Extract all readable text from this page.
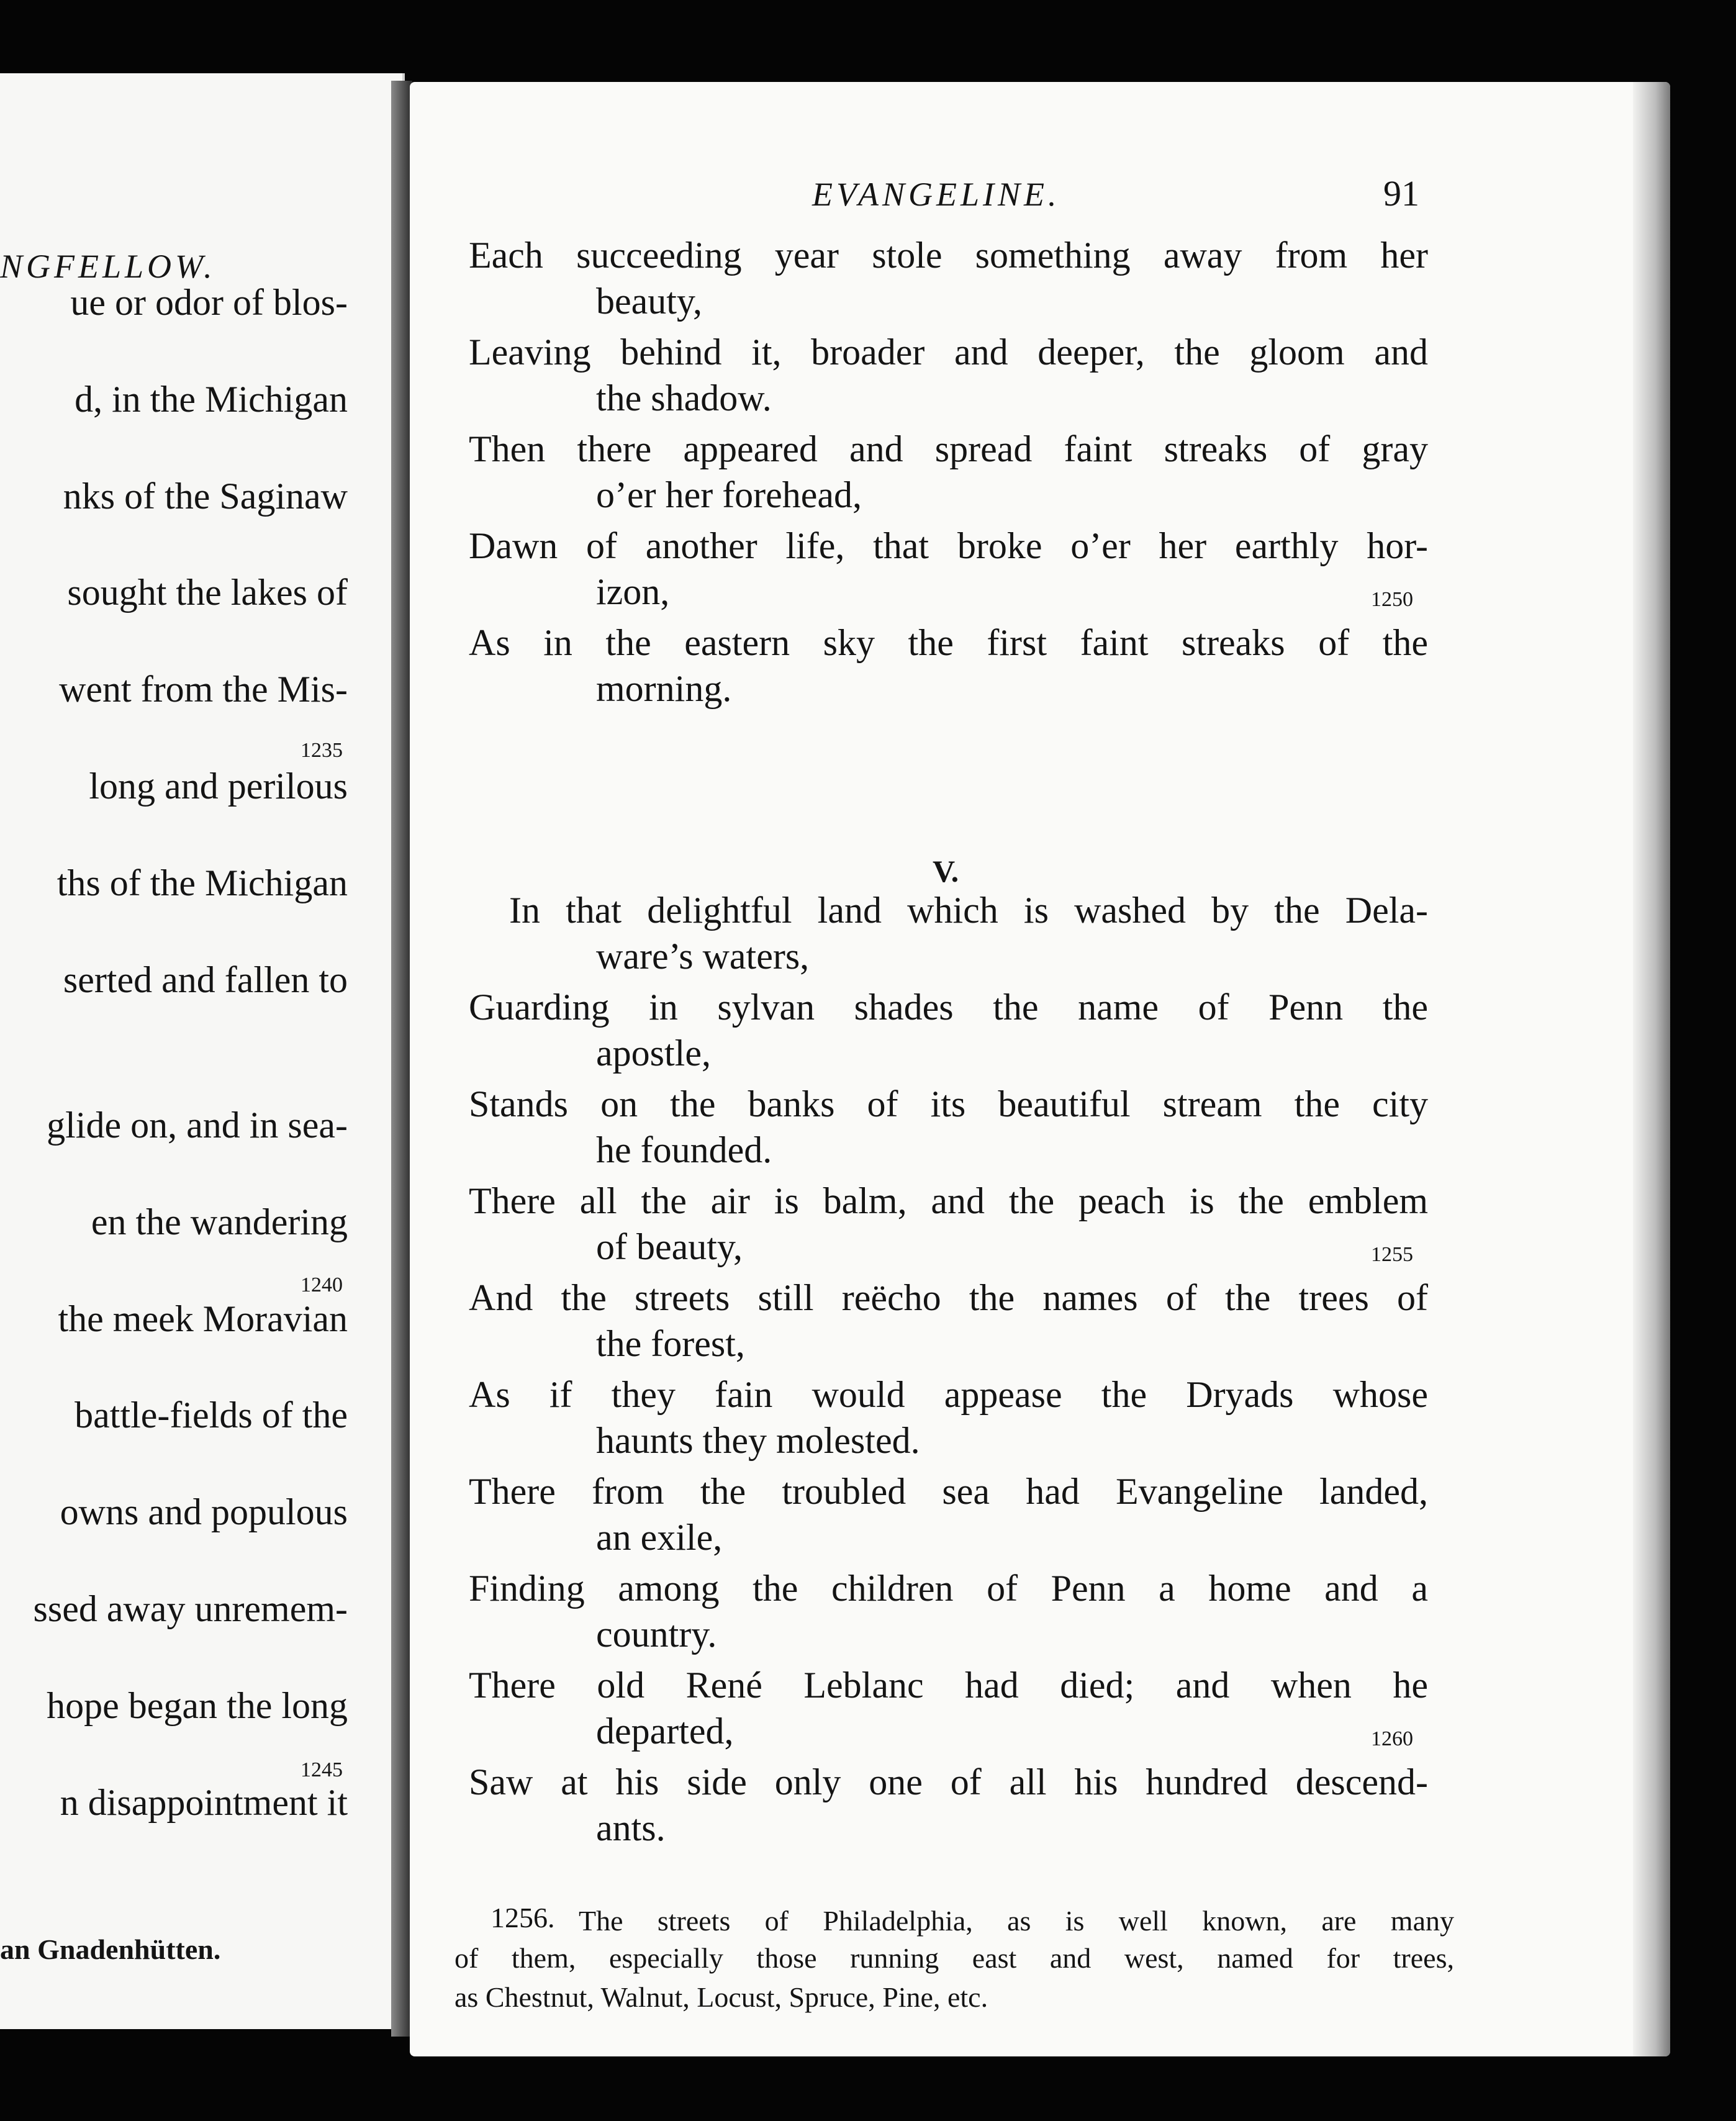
NGFELLOW.
ue or odor of blos-
d, in the Michigan
nks of the Saginaw
sought the lakes of
went from the Mis-
long and perilous
ths of the Michigan
serted and fallen to
glide on, and in sea-
en the wandering
the meek Moravian
battle-fields of the
owns and populous
ssed away unremem-
hope began the long
n disappointment it
1235
1240
1245
an Gnadenhütten.
EVANGELINE.	91
Each succeeding year stole something away from her
beauty,
Leaving behind it, broader and deeper, the gloom and
the shadow.
Then there appeared and spread faint streaks of gray
o’er her forehead,
Dawn of another life, that broke o’er her earthly hor-
izon,	1250
As in the eastern sky the first faint streaks of the
morning.
V.
In that delightful land which is washed by the Dela-
ware’s waters,
Guarding in sylvan shades the name of Penn the
apostle,
Stands on the banks of its beautiful stream the city
he founded.
There all the air is balm, and the peach is the emblem
of beauty,	1255
And the streets still reëcho the names of the trees of
the forest,
As if they fain would appease the Dryads whose
haunts they molested.
There from the troubled sea had Evangeline landed,
an exile,
Finding among the children of Penn a home and a
country.
There old René Leblanc had died; and when he
departed,	1260
Saw at his side only one of all his hundred descend-
ants.
1256. The streets of Philadelphia, as is well known, are many
of them, especially those running east and west, named for trees,
as Chestnut, Walnut, Locust, Spruce, Pine, etc.
